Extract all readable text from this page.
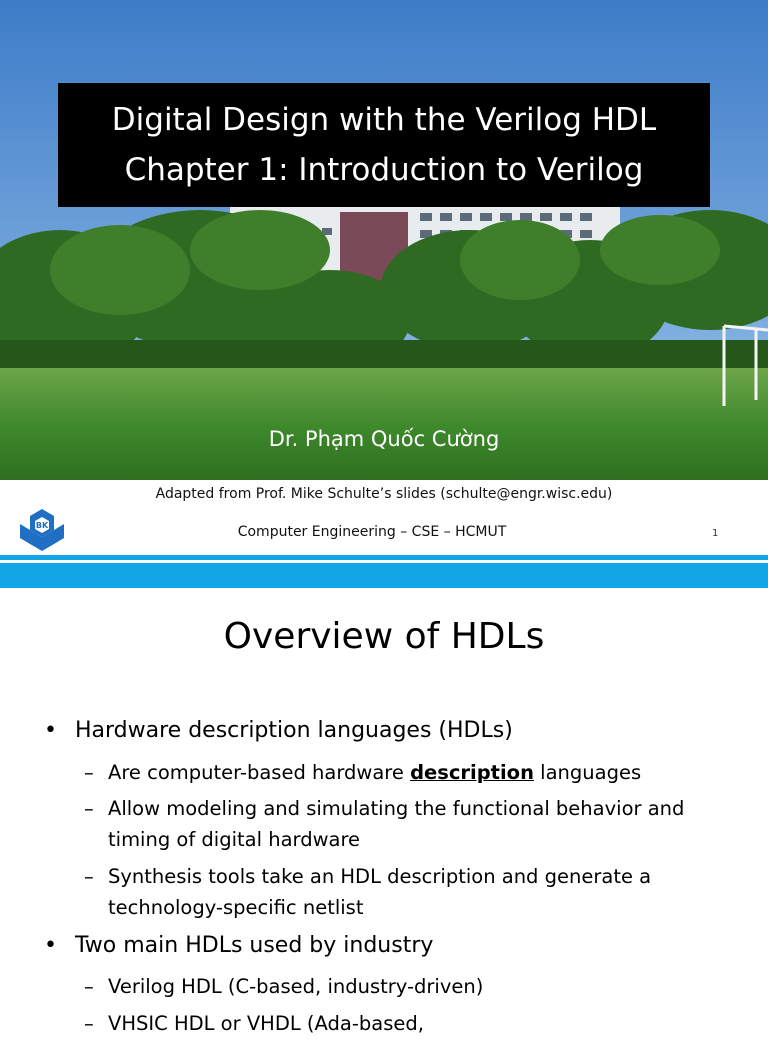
Digital Design with the Verilog HDL
Chapter 1: Introduction to Verilog
Dr. Phạm Quốc Cường
Adapted from Prof. Mike Schulte’s slides (schulte@engr.wisc.edu)
BK	Computer Engineering – CSE – HCMUT	1
Overview of HDLs
• Hardware description languages (HDLs)
– Are computer-based hardware description languages
– Allow modeling and simulating the functional behavior and
timing of digital hardware
– Synthesis tools take an HDL description and generate a
technology-specific netlist
• Two main HDLs used by industry
– Verilog HDL (C-based, industry-driven)
– VHSIC HDL or VHDL (Ada-based,
